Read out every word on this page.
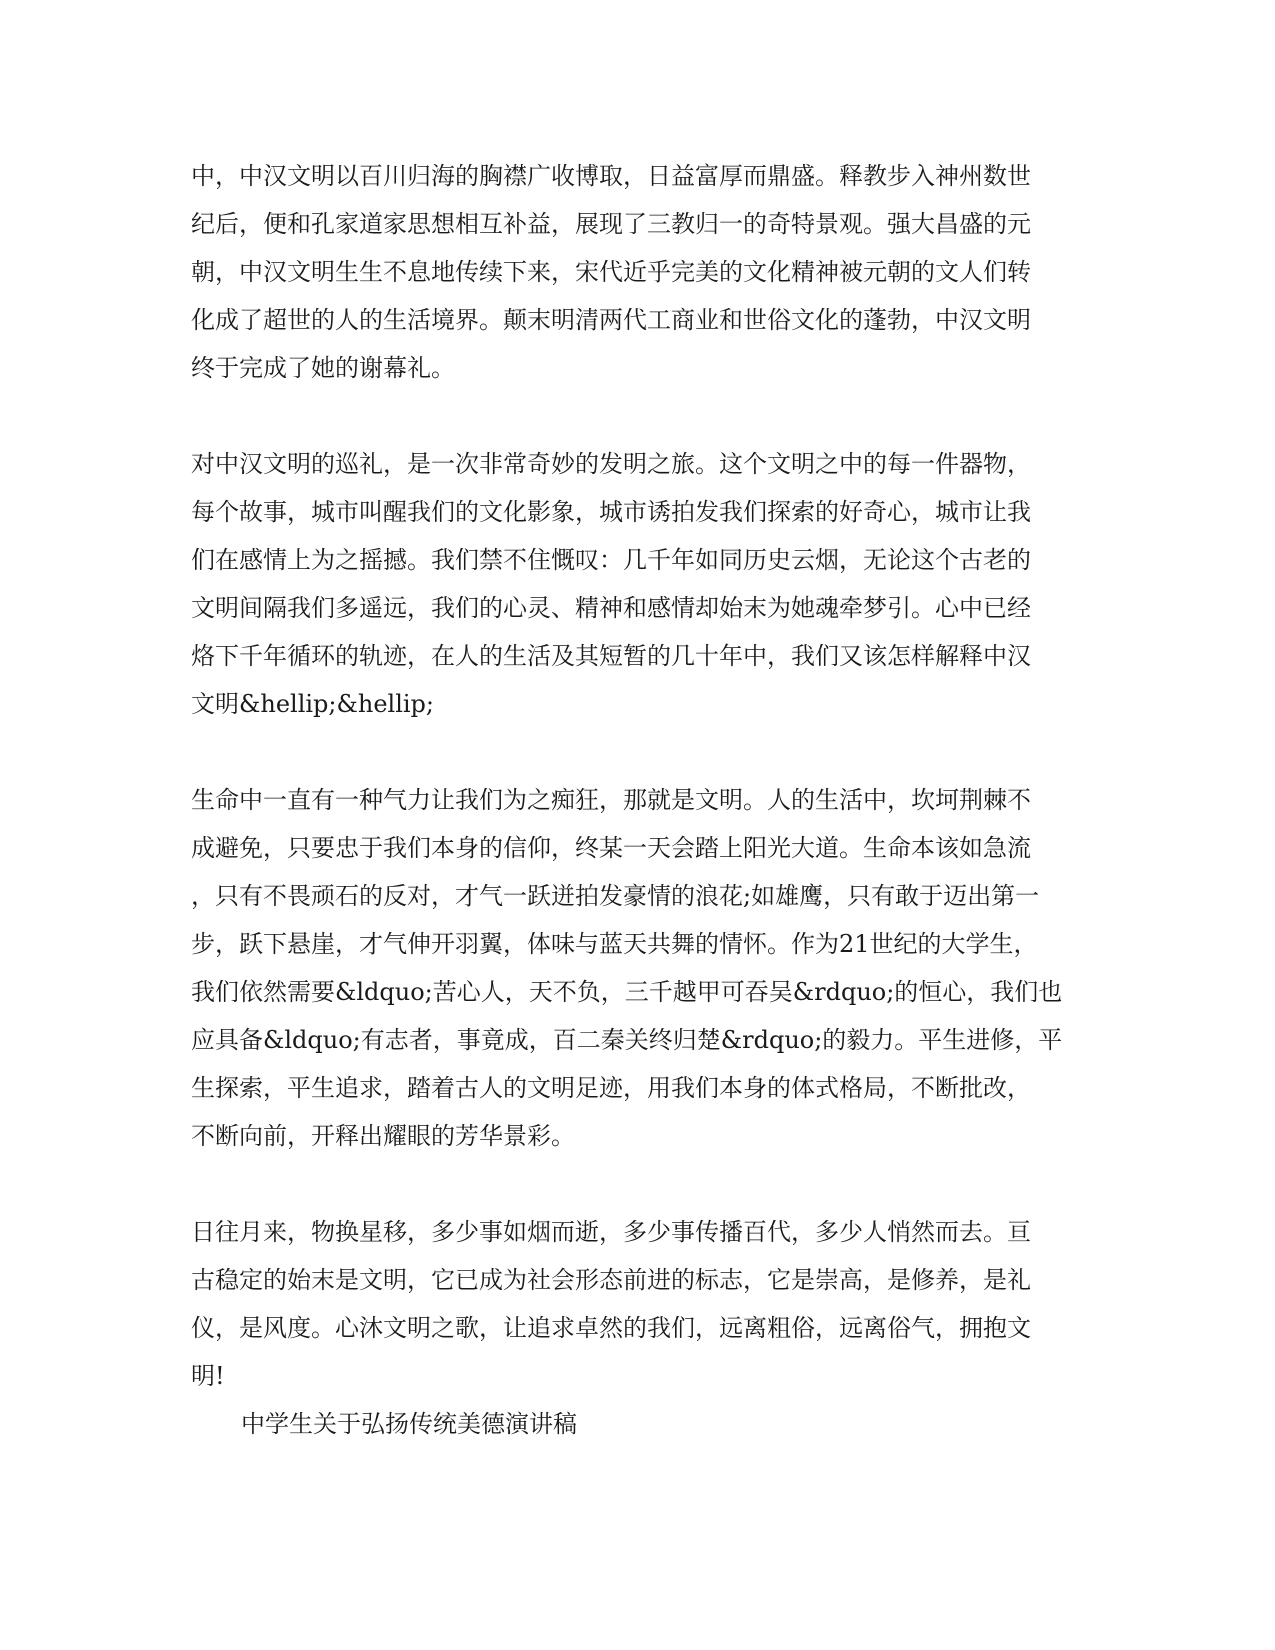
中，中汉文明以百川归海的胸襟广收博取，日益富厚而鼎盛。释教步入神州数世
纪后，便和孔家道家思想相互补益，展现了三教归一的奇特景观。强大昌盛的元
朝，中汉文明生生不息地传续下来，宋代近乎完美的文化精神被元朝的文人们转
化成了超世的人的生活境界。颠末明清两代工商业和世俗文化的蓬勃，中汉文明
终于完成了她的谢幕礼。

对中汉文明的巡礼，是一次非常奇妙的发明之旅。这个文明之中的每一件器物，
每个故事，城市叫醒我们的文化影象，城市诱拍发我们探索的好奇心，城市让我
们在感情上为之摇撼。我们禁不住慨叹：几千年如同历史云烟，无论这个古老的
文明间隔我们多遥远，我们的心灵、精神和感情却始末为她魂牵梦引。心中已经
烙下千年循环的轨迹，在人的生活及其短暂的几十年中，我们又该怎样解释中汉
文明&hellip;&hellip;

生命中一直有一种气力让我们为之痴狂，那就是文明。人的生活中，坎坷荆棘不
成避免，只要忠于我们本身的信仰，终某一天会踏上阳光大道。生命本该如急流
，只有不畏顽石的反对，才气一跃迸拍发豪情的浪花;如雄鹰，只有敢于迈出第一
步，跃下悬崖，才气伸开羽翼，体味与蓝天共舞的情怀。作为21世纪的大学生，
我们依然需要&ldquo;苦心人，天不负，三千越甲可吞吴&rdquo;的恒心，我们也
应具备&ldquo;有志者，事竟成，百二秦关终归楚&rdquo;的毅力。平生进修，平
生探索，平生追求，踏着古人的文明足迹，用我们本身的体式格局，不断批改，
不断向前，开释出耀眼的芳华景彩。

日往月来，物换星移，多少事如烟而逝，多少事传播百代，多少人悄然而去。亘
古稳定的始末是文明，它已成为社会形态前进的标志，它是崇高，是修养，是礼
仪，是风度。心沐文明之歌，让追求卓然的我们，远离粗俗，远离俗气，拥抱文
明!

中学生关于弘扬传统美德演讲稿
